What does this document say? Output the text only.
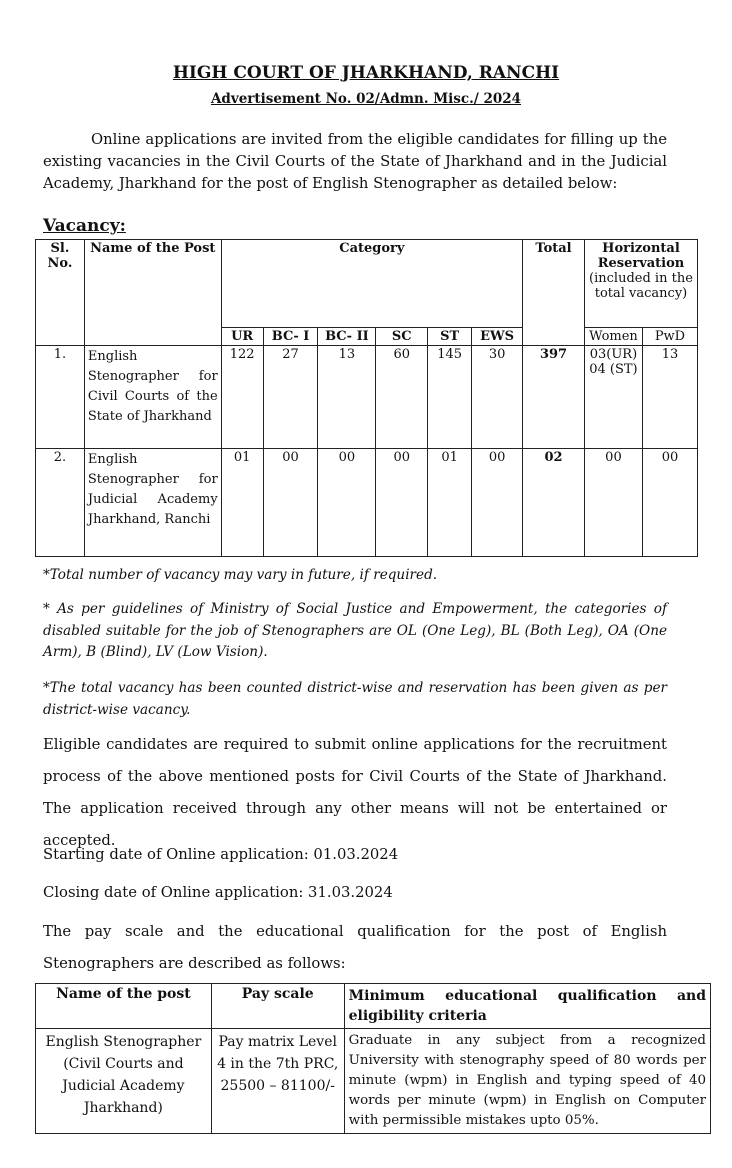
HIGH COURT OF JHARKHAND, RANCHI
Advertisement No. 02/Admn. Misc./ 2024
Online applications are invited from the eligible candidates for filling up the existing vacancies in the Civil Courts of the State of Jharkhand and in the Judicial Academy, Jharkhand for the post of English Stenographer as detailed below:
Vacancy:
Sl. No.	Name of the Post	Category						Total	Horizontal Reservation
(included in the total vacancy)	

		UR	BC- I	BC- II	SC	ST	EWS		Women	PwD
1.	English Stenographer for Civil Courts of the State of Jharkhand	122	27	13	60	145	30	397	03(UR) 04 (ST)	13
2.	English Stenographer for Judicial Academy Jharkhand, Ranchi	01	00	00	00	01	00	02	00	00
*Total number of vacancy may vary in future, if required.
* As per guidelines of Ministry of Social Justice and Empowerment, the categories of disabled suitable for the job of Stenographers are OL (One Leg), BL (Both Leg), OA (One Arm), B (Blind), LV (Low Vision).
*The total vacancy has been counted district-wise and reservation has been given as per district-wise vacancy.
Eligible candidates are required to submit online applications for the recruitment process of the above mentioned posts for Civil Courts of the State of Jharkhand. The application received through any other means will not be entertained or accepted.
Starting date of Online application: 01.03.2024
Closing date of Online application: 31.03.2024
The pay scale and the educational qualification for the post of English Stenographers are described as follows:
Name of the post	Pay scale	Minimum educational qualification and eligibility criteria
English Stenographer (Civil Courts and Judicial Academy Jharkhand)	Pay matrix Level 4 in the 7th PRC, 25500 – 81100/-	Graduate in any subject from a recognized University with stenography speed of 80 words per minute (wpm) in English and typing speed of 40 words per minute (wpm) in English on Computer with permissible mistakes upto 05%.
